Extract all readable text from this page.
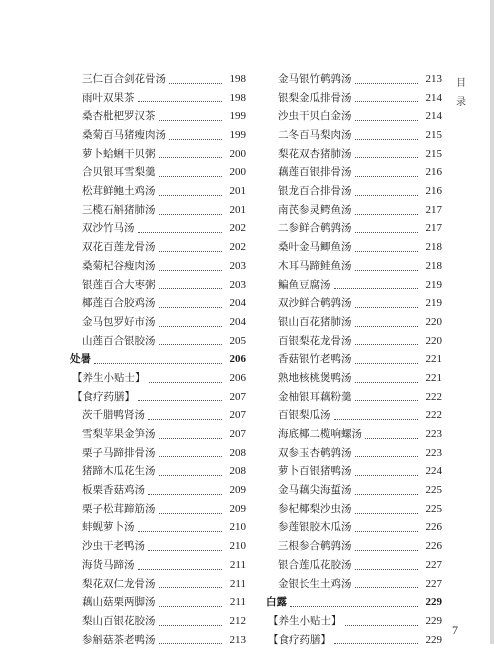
三仁百合剑花骨汤	198
雨叶双果茶	198
桑杏枇杷罗汉茶	199
桑菊百马猪瘦肉汤	199
萝卜蛤蜊干贝粥	200
合贝银耳雪梨羹	200
松茸鲜鲍土鸡汤	201
三榄石斛猪肺汤	201
双沙竹马汤	202
双花百莲龙骨汤	202
桑菊杞谷瘦肉汤	203
银莲百合大枣粥	203
椰莲百合胶鸡汤	204
金马包罗好市汤	204
山莲百合银胶汤	205
处暑	206
【养生小贴士】	206
【食疗药膳】	207
茨千腊鸭肾汤	207
雪梨苹果金笋汤	207
栗子马蹄排骨汤	208
猪蹄木瓜花生汤	208
板栗香菇鸡汤	209
栗子松茸蹄筋汤	209
蚌蚬萝卜汤	210
沙虫干老鸭汤	210
海货马蹄汤	211
梨花双仁龙骨汤	211
藕山菇栗两脚汤	211
梨山百银花胶汤	212
参斛菇茶老鸭汤	213
金马银竹鹌鹑汤	213
银梨金瓜排骨汤	214
沙虫干贝白金汤	214
二冬百马梨肉汤	215
梨花双杏猪肺汤	215
藕莲百银排骨汤	216
银龙百合排骨汤	216
南芪参灵鳄鱼汤	217
二参鲜合鹌鹑汤	217
桑叶金马鲫鱼汤	218
木耳马蹄鲑鱼汤	218
鳊鱼豆腐汤	219
双沙鲜合鹌鹑汤	219
银山百花猪肺汤	220
百银梨花龙骨汤	220
香菇银竹老鸭汤	221
熟地核桃煲鸭汤	221
金柚银耳藕粉羹	222
百银梨瓜汤	222
海底椰二榄响螺汤	223
双参玉杏鹌鹑汤	223
萝卜百银猪鸭汤	224
金马藕尖海蜇汤	225
参杞椰梨沙虫汤	225
参莲银胶木瓜汤	226
三根参合鹌鹑汤	226
银合莲瓜花胶汤	227
金银长生土鸡汤	227
白露	229
【养生小贴士】	229
【食疗药膳】	229
目
录
7
